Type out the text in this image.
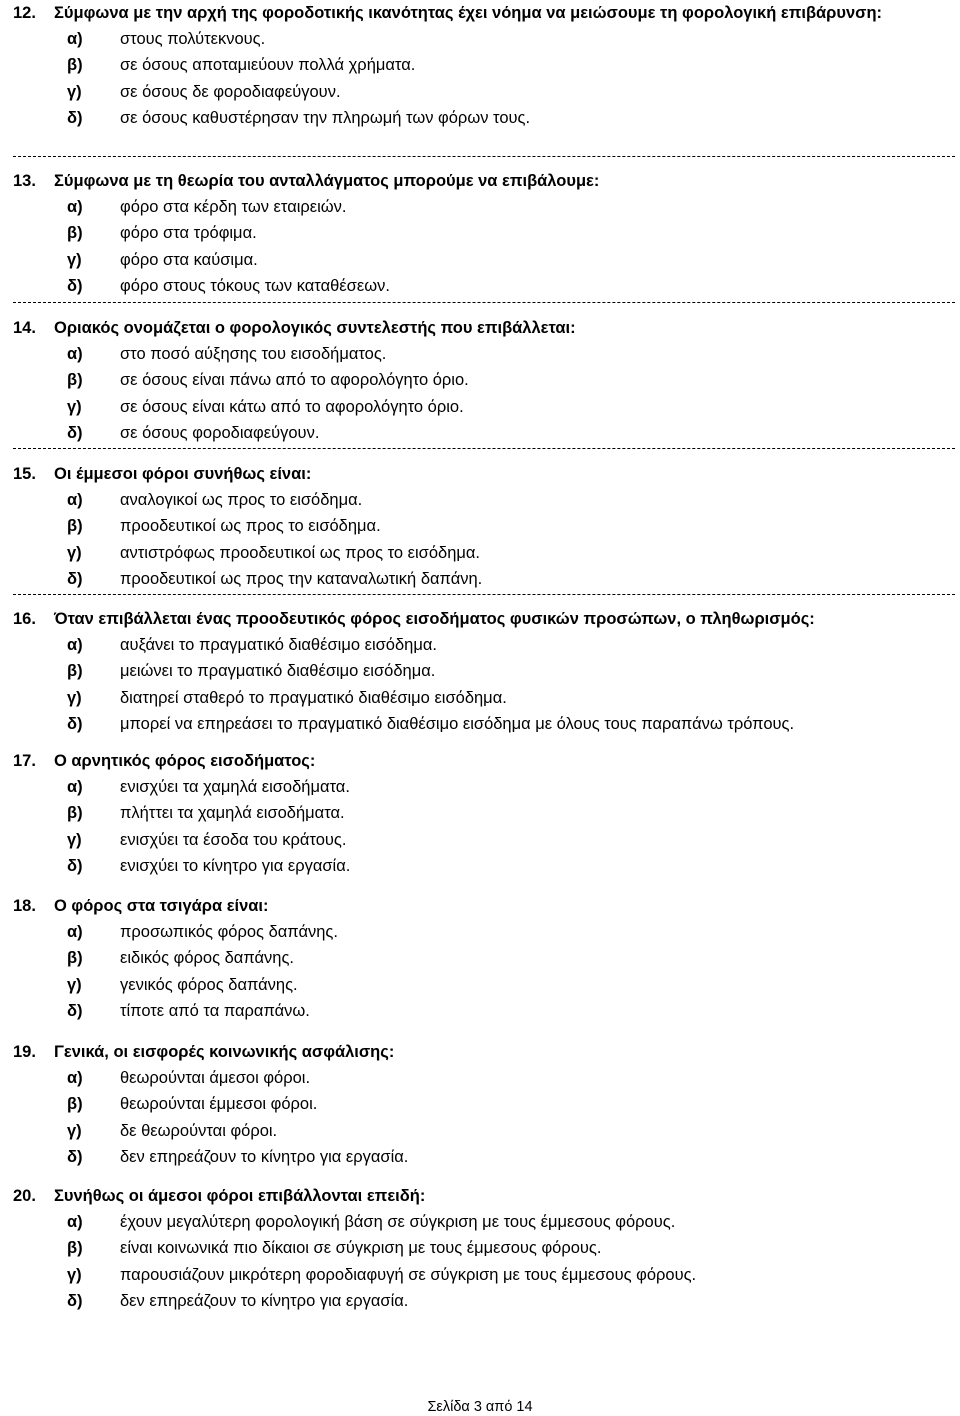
12.	Σύμφωνα με την αρχή της φοροδοτικής ικανότητας έχει νόημα να μειώσουμε τη φορολογική επιβάρυνση:
α)	στους πολύτεκνους.
β)	σε όσους αποταμιεύουν πολλά χρήματα.
γ)	σε όσους δε φοροδιαφεύγουν.
δ)	σε όσους καθυστέρησαν την πληρωμή των φόρων τους.
13.	Σύμφωνα με τη θεωρία του ανταλλάγματος μπορούμε να επιβάλουμε:
α)	φόρο στα κέρδη των εταιρειών.
β)	φόρο στα τρόφιμα.
γ)	φόρο στα καύσιμα.
δ)	φόρο στους τόκους των καταθέσεων.
14.	Οριακός ονομάζεται ο φορολογικός συντελεστής που επιβάλλεται:
α)	στο ποσό αύξησης του εισοδήματος.
β)	σε όσους είναι πάνω από το αφορολόγητο όριο.
γ)	σε όσους είναι κάτω από το αφορολόγητο όριο.
δ)	σε όσους φοροδιαφεύγουν.
15.	Οι έμμεσοι φόροι συνήθως είναι:
α)	αναλογικοί ως προς το εισόδημα.
β)	προοδευτικοί ως προς το εισόδημα.
γ)	αντιστρόφως προοδευτικοί ως προς το εισόδημα.
δ)	προοδευτικοί ως προς την καταναλωτική δαπάνη.
16.	Όταν επιβάλλεται ένας προοδευτικός φόρος εισοδήματος φυσικών προσώπων, ο πληθωρισμός:
α)	αυξάνει το πραγματικό διαθέσιμο εισόδημα.
β)	μειώνει το πραγματικό διαθέσιμο εισόδημα.
γ)	διατηρεί σταθερό το πραγματικό διαθέσιμο εισόδημα.
δ)	μπορεί να επηρεάσει το πραγματικό διαθέσιμο εισόδημα με όλους τους παραπάνω τρόπους.
17.	Ο αρνητικός φόρος εισοδήματος:
α)	ενισχύει τα χαμηλά εισοδήματα.
β)	πλήττει τα χαμηλά εισοδήματα.
γ)	ενισχύει τα έσοδα του κράτους.
δ)	ενισχύει το κίνητρο για εργασία.
18.	Ο φόρος στα τσιγάρα είναι:
α)	προσωπικός φόρος δαπάνης.
β)	ειδικός φόρος δαπάνης.
γ)	γενικός φόρος δαπάνης.
δ)	τίποτε από τα παραπάνω.
19.	Γενικά, οι εισφορές κοινωνικής ασφάλισης:
α)	θεωρούνται άμεσοι φόροι.
β)	θεωρούνται έμμεσοι φόροι.
γ)	δε θεωρούνται φόροι.
δ)	δεν επηρεάζουν το κίνητρο για εργασία.
20.	Συνήθως οι άμεσοι φόροι επιβάλλονται επειδή:
α)	έχουν μεγαλύτερη φορολογική βάση σε σύγκριση με τους έμμεσους φόρους.
β)	είναι κοινωνικά πιο δίκαιοι σε σύγκριση με τους έμμεσους φόρους.
γ)	παρουσιάζουν μικρότερη φοροδιαφυγή σε σύγκριση με τους έμμεσους φόρους.
δ)	δεν επηρεάζουν το κίνητρο για εργασία.
Σελίδα 3 από 14
